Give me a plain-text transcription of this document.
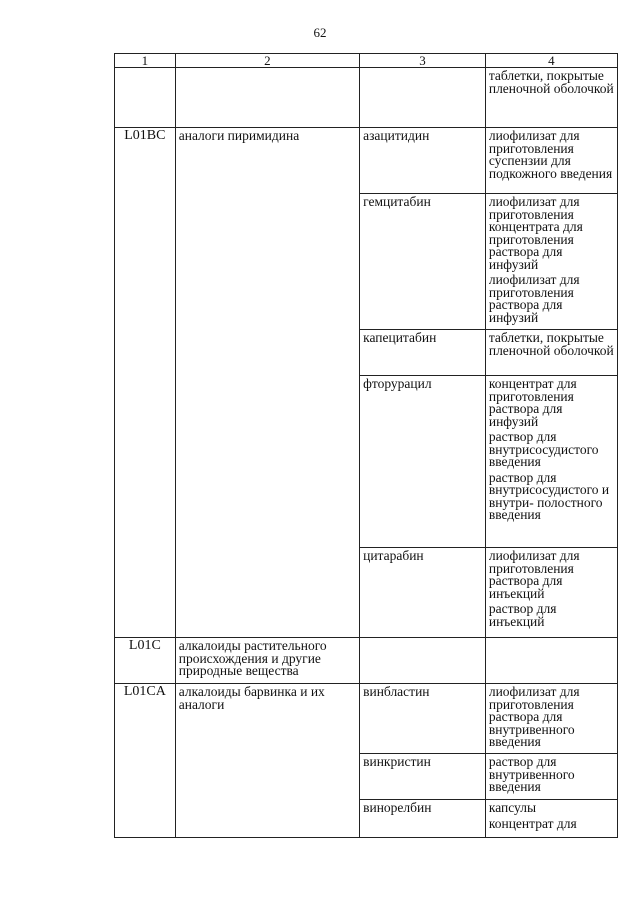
62
1	2	3	4

			таблетки, покрытые пленочной оболочкой

L01BC	аналоги пиримидина	азацитидин	лиофилизат для приготовления суспензии для подкожного введения

		гемцитабин	лиофилизат для приготовления концентрата для приготовления раствора для инфузий
лиофилизат для приготовления раствора для инфузий

		капецитабин	таблетки, покрытые пленочной оболочкой

		фторурацил	концентрат для приготовления раствора для инфузий
раствор для внутрисосудистого введения
раствор для внутрисосудистого и внутри- полостного введения

		цитарабин	лиофилизат для приготовления раствора для инъекций
раствор для инъекций

L01C	алкалоиды растительного происхождения и другие природные вещества		

L01CA	алкалоиды барвинка и их аналоги	винбластин	лиофилизат для приготовления раствора для внутривенного введения

		винкристин	раствор для внутривенного введения

		винорелбин	капсулы
концентрат для
